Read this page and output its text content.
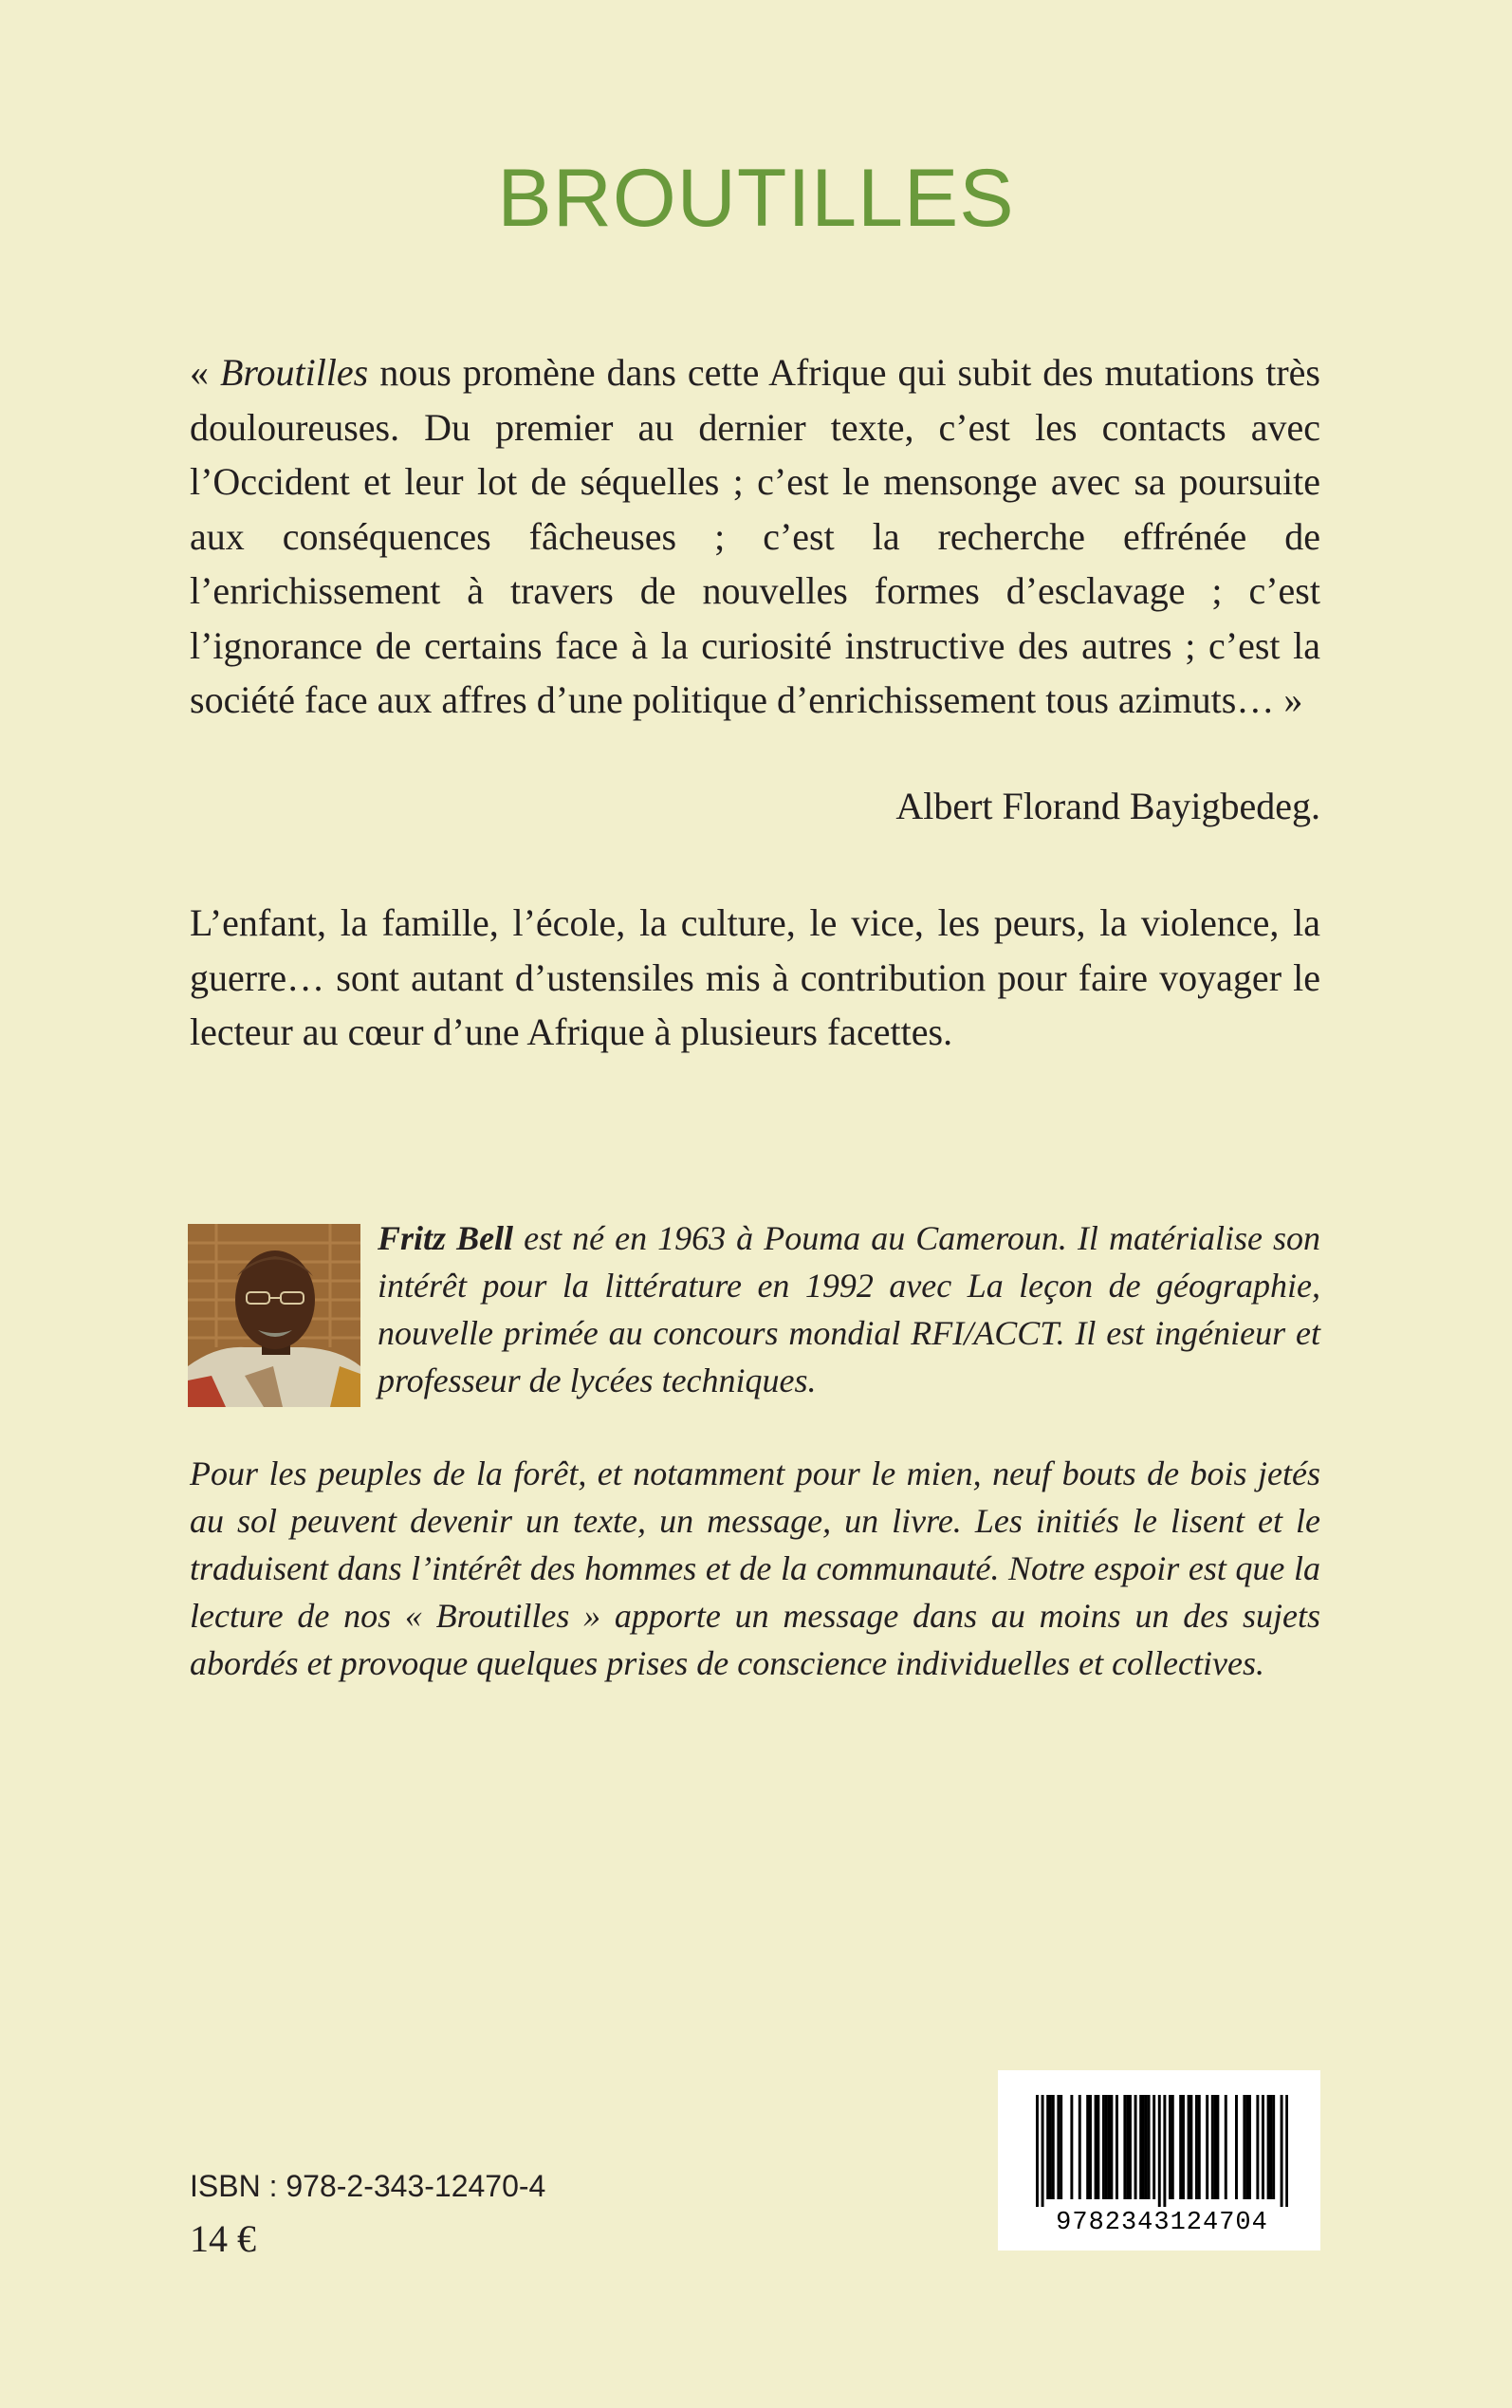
BROUTILLES

« Broutilles nous promène dans cette Afrique qui subit des mutations très douloureuses. Du premier au dernier texte, c’est les contacts avec l’Occident et leur lot de séquelles ; c’est le mensonge avec sa poursuite aux conséquences fâcheuses ; c’est la recherche effrénée de l’enrichissement à travers de nouvelles formes d’esclavage ; c’est l’ignorance de certains face à la curiosité instructive des autres ; c’est la société face aux affres d’une politique d’enrichissement tous azimuts… »

Albert Florand Bayigbedeg.

L’enfant, la famille, l’école, la culture, le vice, les peurs, la violence, la guerre… sont autant d’ustensiles mis à contribution pour faire voyager le lecteur au cœur d’une Afrique à plusieurs facettes.

Fritz Bell est né en 1963 à Pouma au Cameroun. Il matérialise son intérêt pour la littérature en 1992 avec La leçon de géographie, nouvelle primée au concours mondial RFI/ACCT. Il est ingénieur et professeur de lycées techniques.

Pour les peuples de la forêt, et notamment pour le mien, neuf bouts de bois jetés au sol peuvent devenir un texte, un message, un livre. Les initiés le lisent et le traduisent dans l’intérêt des hommes et de la communauté. Notre espoir est que la lecture de nos « Broutilles » apporte un message dans au moins un des sujets abordés et provoque quelques prises de conscience individuelles et collectives.

ISBN : 978-2-343-12470-4

14 €	9782343124704
